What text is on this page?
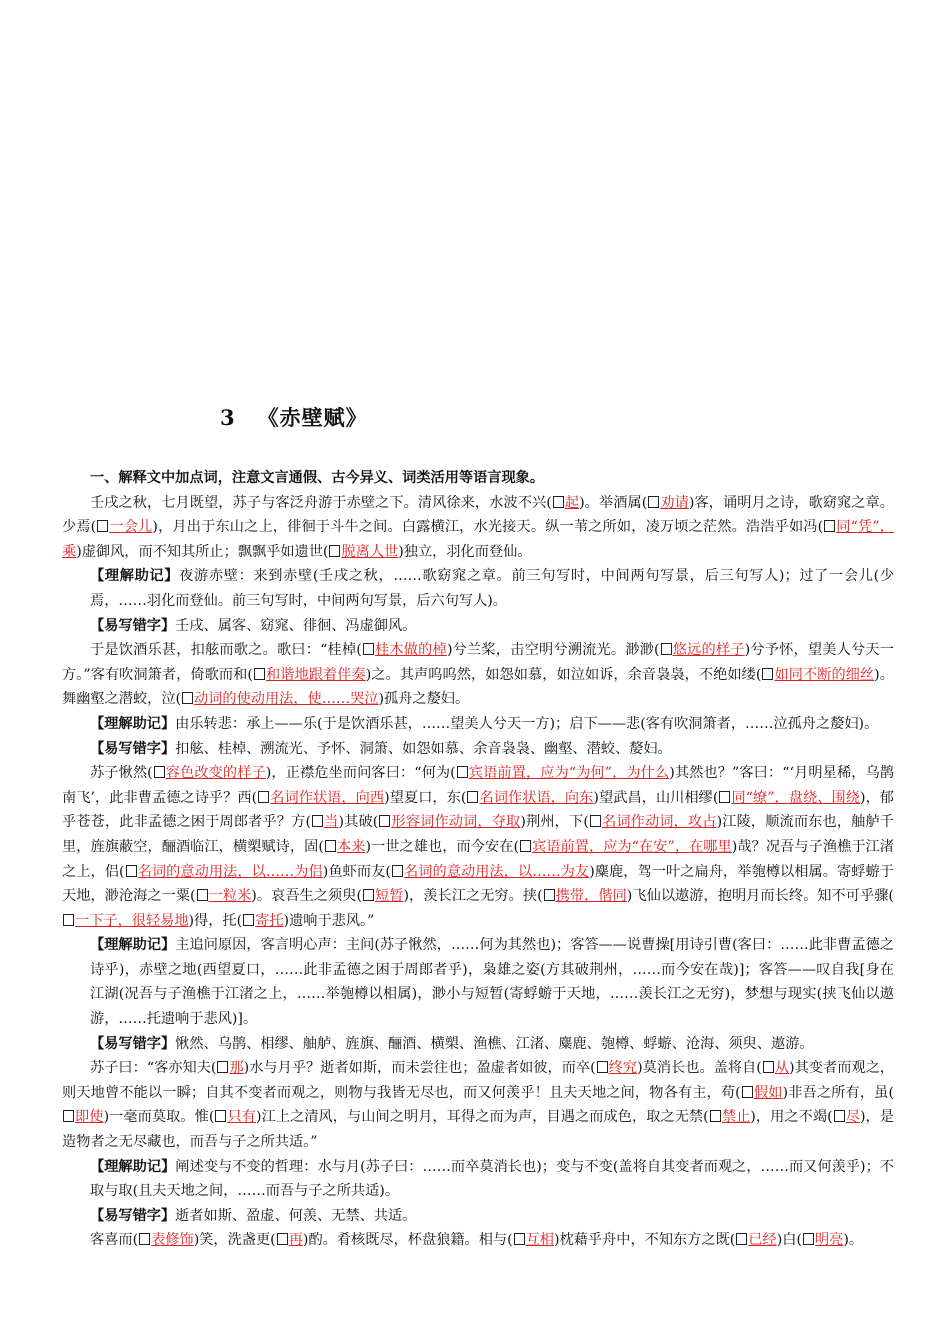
3 《赤壁赋》

一、解释文中加点词，注意文言通假、古今异义、词类活用等语言现象。

壬戌之秋，七月既望，苏子与客泛舟游于赤壁之下。清风徐来，水波不兴( 起)。举酒属( 劝请)客，诵明月之诗，歌窈窕之章。少焉( 一会儿)，月出于东山之上，徘徊于斗牛之间。白露横江，水光接天。纵一苇之所如，凌万顷之茫然。浩浩乎如冯( 同“凭”，乘)虚御风，而不知其所止；飘飘乎如遗世( 脱离人世)独立，羽化而登仙。

【理解助记】夜游赤壁：来到赤壁(壬戌之秋，……歌窈窕之章。前三句写时，中间两句写景，后三句写人)；过了一会儿(少焉，……羽化而登仙。前三句写时，中间两句写景，后六句写人)。

【易写错字】壬戌、属客、窈窕、徘徊、冯虚御风。

于是饮酒乐甚，扣舷而歌之。歌曰：“桂棹( 桂木做的棹)兮兰桨，击空明兮溯流光。渺渺( 悠远的样子)兮予怀，望美人兮天一方。”客有吹洞箫者，倚歌而和( 和谐地跟着伴奏)之。其声呜呜然，如怨如慕，如泣如诉，余音袅袅，不绝如缕( 如同不断的细丝)。舞幽壑之潜蛟，泣( 动词的使动用法，使……哭泣)孤舟之嫠妇。

【理解助记】由乐转悲：承上——乐(于是饮酒乐甚，……望美人兮天一方)；启下——悲(客有吹洞箫者，……泣孤舟之嫠妇)。

【易写错字】扣舷、桂棹、溯流光、予怀、洞箫、如怨如慕、余音袅袅、幽壑、潜蛟、嫠妇。

苏子愀然( 容色改变的样子)，正襟危坐而问客曰：“何为( 宾语前置，应为“为何”，为什么)其然也？”客曰：“‘月明星稀，乌鹊南飞’，此非曹孟德之诗乎？西( 名词作状语，向西)望夏口，东( 名词作状语，向东)望武昌，山川相缪( 同“缭”，盘绕、围绕)，郁乎苍苍，此非孟德之困于周郎者乎？方( 当)其破( 形容词作动词，夺取)荆州，下( 名词作动词，攻占)江陵，顺流而东也，舳舻千里，旌旗蔽空，酾酒临江，横槊赋诗，固( 本来)一世之雄也，而今安在( 宾语前置，应为“在安”，在哪里)哉？况吾与子渔樵于江渚之上，侣( 名词的意动用法，以……为侣)鱼虾而友( 名词的意动用法，以……为友)麋鹿，驾一叶之扁舟，举匏樽以相属。寄蜉蝣于天地，渺沧海之一粟( 一粒米)。哀吾生之须臾( 短暂)，羡长江之无穷。挟( 携带，偕同)飞仙以遨游，抱明月而长终。知不可乎骤(一下子，很轻易地)得，托( 寄托)遗响于悲风。”

【理解助记】主追问原因，客言明心声：主问(苏子愀然，……何为其然也)；客答——说曹操[用诗引曹(客曰：……此非曹孟德之诗乎)，赤壁之地(西望夏口，……此非孟德之困于周郎者乎)，枭雄之姿(方其破荆州，……而今安在哉)]；客答——叹自我[身在江湖(况吾与子渔樵于江渚之上，……举匏樽以相属)，渺小与短暂(寄蜉蝣于天地，……羡长江之无穷)，梦想与现实(挟飞仙以遨游，……托遗响于悲风)]。

【易写错字】愀然、乌鹊、相缪、舳舻、旌旗、酾酒、横槊、渔樵、江渚、麋鹿、匏樽、蜉蝣、沧海、须臾、遨游。

苏子曰：“客亦知夫( 那)水与月乎？逝者如斯，而未尝往也；盈虚者如彼，而卒( 终究)莫消长也。盖将自( 从)其变者而观之，则天地曾不能以一瞬；自其不变者而观之，则物与我皆无尽也，而又何羡乎！且夫天地之间，物各有主，苟( 假如)非吾之所有，虽(即使)一毫而莫取。惟( 只有)江上之清风，与山间之明月，耳得之而为声，目遇之而成色，取之无禁( 禁止)，用之不竭( 尽)，是造物者之无尽藏也，而吾与子之所共适。”

【理解助记】阐述变与不变的哲理：水与月(苏子曰：……而卒莫消长也)；变与不变(盖将自其变者而观之，……而又何羡乎)；不取与取(且夫天地之间，……而吾与子之所共适)。

【易写错字】逝者如斯、盈虚、何羡、无禁、共适。

客喜而( 表修饰)笑，洗盏更( 再)酌。肴核既尽，杯盘狼籍。相与( 互相)枕藉乎舟中，不知东方之既( 已经)白( 明亮)。
